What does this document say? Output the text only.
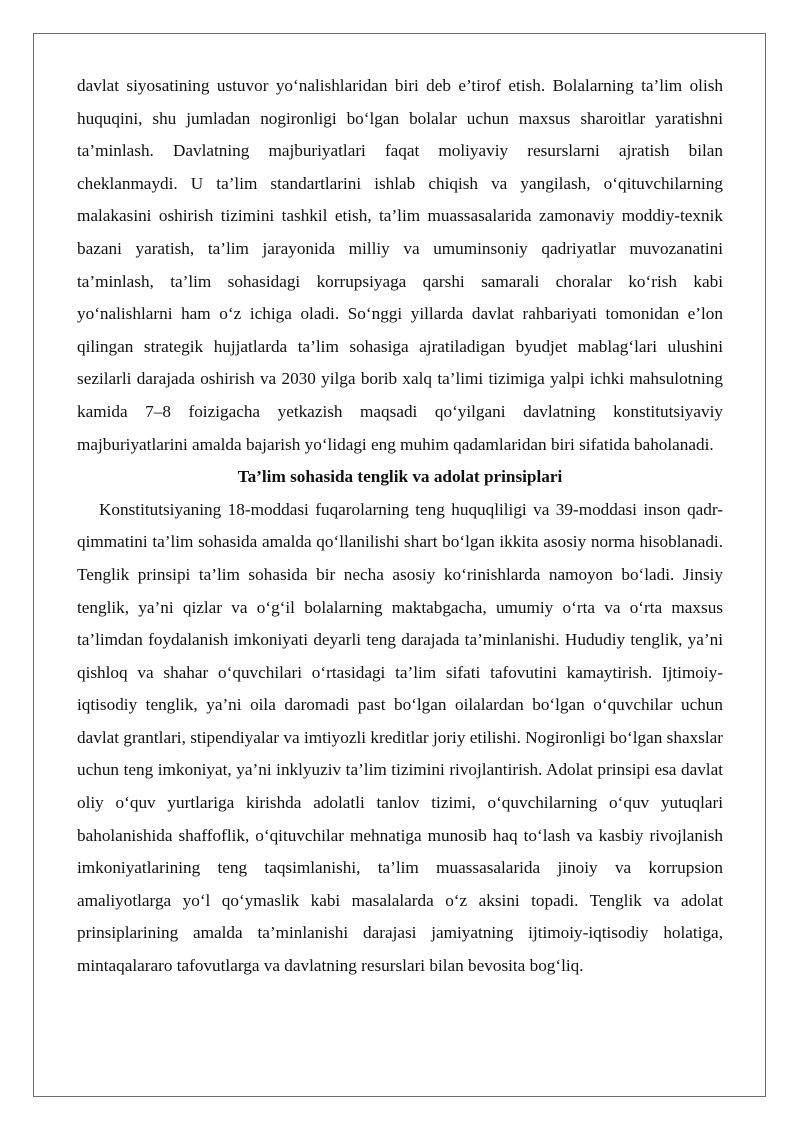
davlat siyosatining ustuvor yo‘nalishlaridan biri deb e’tirof etish. Bolalarning ta’lim olish huquqini, shu jumladan nogironligi bo‘lgan bolalar uchun maxsus sharoitlar yaratishni ta’minlash. Davlatning majburiyatlari faqat moliyaviy resurslarni ajratish bilan cheklanmaydi. U ta’lim standartlarini ishlab chiqish va yangilash, o‘qituvchilarning malakasini oshirish tizimini tashkil etish, ta’lim muassasalarida zamonaviy moddiy-texnik bazani yaratish, ta’lim jarayonida milliy va umuminsoniy qadriyatlar muvozanatini ta’minlash, ta’lim sohasidagi korrupsiyaga qarshi samarali choralar ko‘rish kabi yo‘nalishlarni ham o‘z ichiga oladi. So‘nggi yillarda davlat rahbariyati tomonidan e’lon qilingan strategik hujjatlarda ta’lim sohasiga ajratiladigan byudjet mablag‘lari ulushini sezilarli darajada oshirish va 2030 yilga borib xalq ta’limi tizimiga yalpi ichki mahsulotning kamida 7–8 foizigacha yetkazish maqsadi qo‘yilgani davlatning konstitutsiyaviy majburiyatlarini amalda bajarish yo‘lidagi eng muhim qadamlaridan biri sifatida baholanadi.

Ta’lim sohasida tenglik va adolat prinsiplari

Konstitutsiyaning 18-moddasi fuqarolarning teng huquqliligi va 39-moddasi inson qadr-qimmatini ta’lim sohasida amalda qo‘llanilishi shart bo‘lgan ikkita asosiy norma hisoblanadi. Tenglik prinsipi ta’lim sohasida bir necha asosiy ko‘rinishlarda namoyon bo‘ladi. Jinsiy tenglik, ya’ni qizlar va o‘g‘il bolalarning maktabgacha, umumiy o‘rta va o‘rta maxsus ta’limdan foydalanish imkoniyati deyarli teng darajada ta’minlanishi. Hududiy tenglik, ya’ni qishloq va shahar o‘quvchilari o‘rtasidagi ta’lim sifati tafovutini kamaytirish. Ijtimoiy-iqtisodiy tenglik, ya’ni oila daromadi past bo‘lgan oilalardan bo‘lgan o‘quvchilar uchun davlat grantlari, stipendiyalar va imtiyozli kreditlar joriy etilishi. Nogironligi bo‘lgan shaxslar uchun teng imkoniyat, ya’ni inklyuziv ta’lim tizimini rivojlantirish. Adolat prinsipi esa davlat oliy o‘quv yurtlariga kirishda adolatli tanlov tizimi, o‘quvchilarning o‘quv yutuqlari baholanishida shaffoflik, o‘qituvchilar mehnatiga munosib haq to‘lash va kasbiy rivojlanish imkoniyatlarining teng taqsimlanishi, ta’lim muassasalarida jinoiy va korrupsion amaliyotlarga yo‘l qo‘ymaslik kabi masalalarda o‘z aksini topadi. Tenglik va adolat prinsiplarining amalda ta’minlanishi darajasi jamiyatning ijtimoiy-iqtisodiy holatiga, mintaqalararo tafovutlarga va davlatning resurslari bilan bevosita bog‘liq.
